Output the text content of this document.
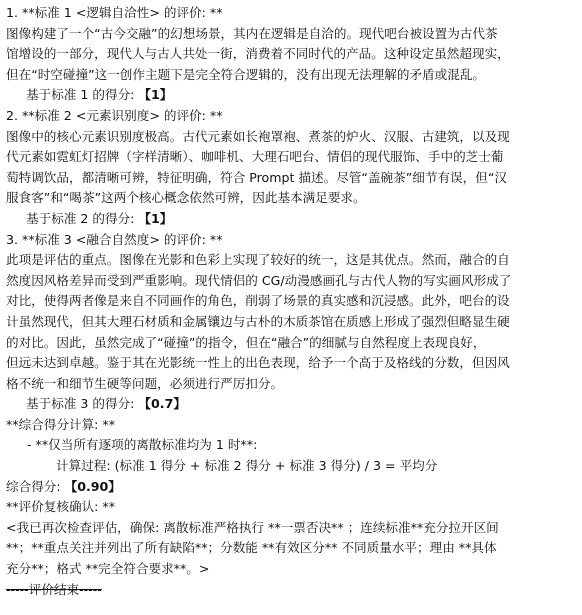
1. **标准 1 <逻辑自洽性> 的评价: **
图像构建了一个“古今交融”的幻想场景，其内在逻辑是自洽的。现代吧台被设置为古代茶
馆增设的一部分，现代人与古人共处一街，消费着不同时代的产品。这种设定虽然超现实，
但在“时空碰撞”这一创作主题下是完全符合逻辑的，没有出现无法理解的矛盾或混乱。
基于标准 1 的得分: 【1】
2. **标准 2 <元素识别度> 的评价: **
图像中的核心元素识别度极高。古代元素如长袍罩袍、煮茶的炉火、汉服、古建筑，以及现
代元素如霓虹灯招牌（字样清晰）、咖啡机、大理石吧台、情侣的现代服饰、手中的芝士葡
萄特调饮品，都清晰可辨，特征明确，符合 Prompt 描述。尽管“盖碗茶”细节有误，但“汉
服食客”和“喝茶”这两个核心概念依然可辨，因此基本满足要求。
基于标准 2 的得分: 【1】
3. **标准 3 <融合自然度> 的评价: **
此项是评估的重点。图像在光影和色彩上实现了较好的统一，这是其优点。然而，融合的自
然度因风格差异而受到严重影响。现代情侣的 CG/动漫感画孔与古代人物的写实画风形成了
对比，使得两者像是来自不同画作的角色，削弱了场景的真实感和沉浸感。此外，吧台的设
计虽然现代，但其大理石材质和金属镶边与古朴的木质茶馆在质感上形成了强烈但略显生硬
的对比。因此，虽然完成了“碰撞”的指令，但在“融合”的细腻与自然程度上表现良好，
但远未达到卓越。鉴于其在光影统一性上的出色表现，给予一个高于及格线的分数，但因风
格不统一和细节生硬等问题，必须进行严厉扣分。
基于标准 3 的得分: 【0.7】
**综合得分计算: **
- **仅当所有逐项的离散标准均为 1 时**:
计算过程: (标准 1 得分 + 标准 2 得分 + 标准 3 得分) / 3 = 平均分
综合得分: 【0.90】
**评价复核确认: **
<我已再次检查评估，确保: 离散标准严格执行 **一票否决** ；连续标准**充分拉开区间
**；**重点关注并列出了所有缺陷**；分数能 **有效区分** 不同质量水平；理由 **具体
充分**；格式 **完全符合要求**。>
-----评价结束-----
